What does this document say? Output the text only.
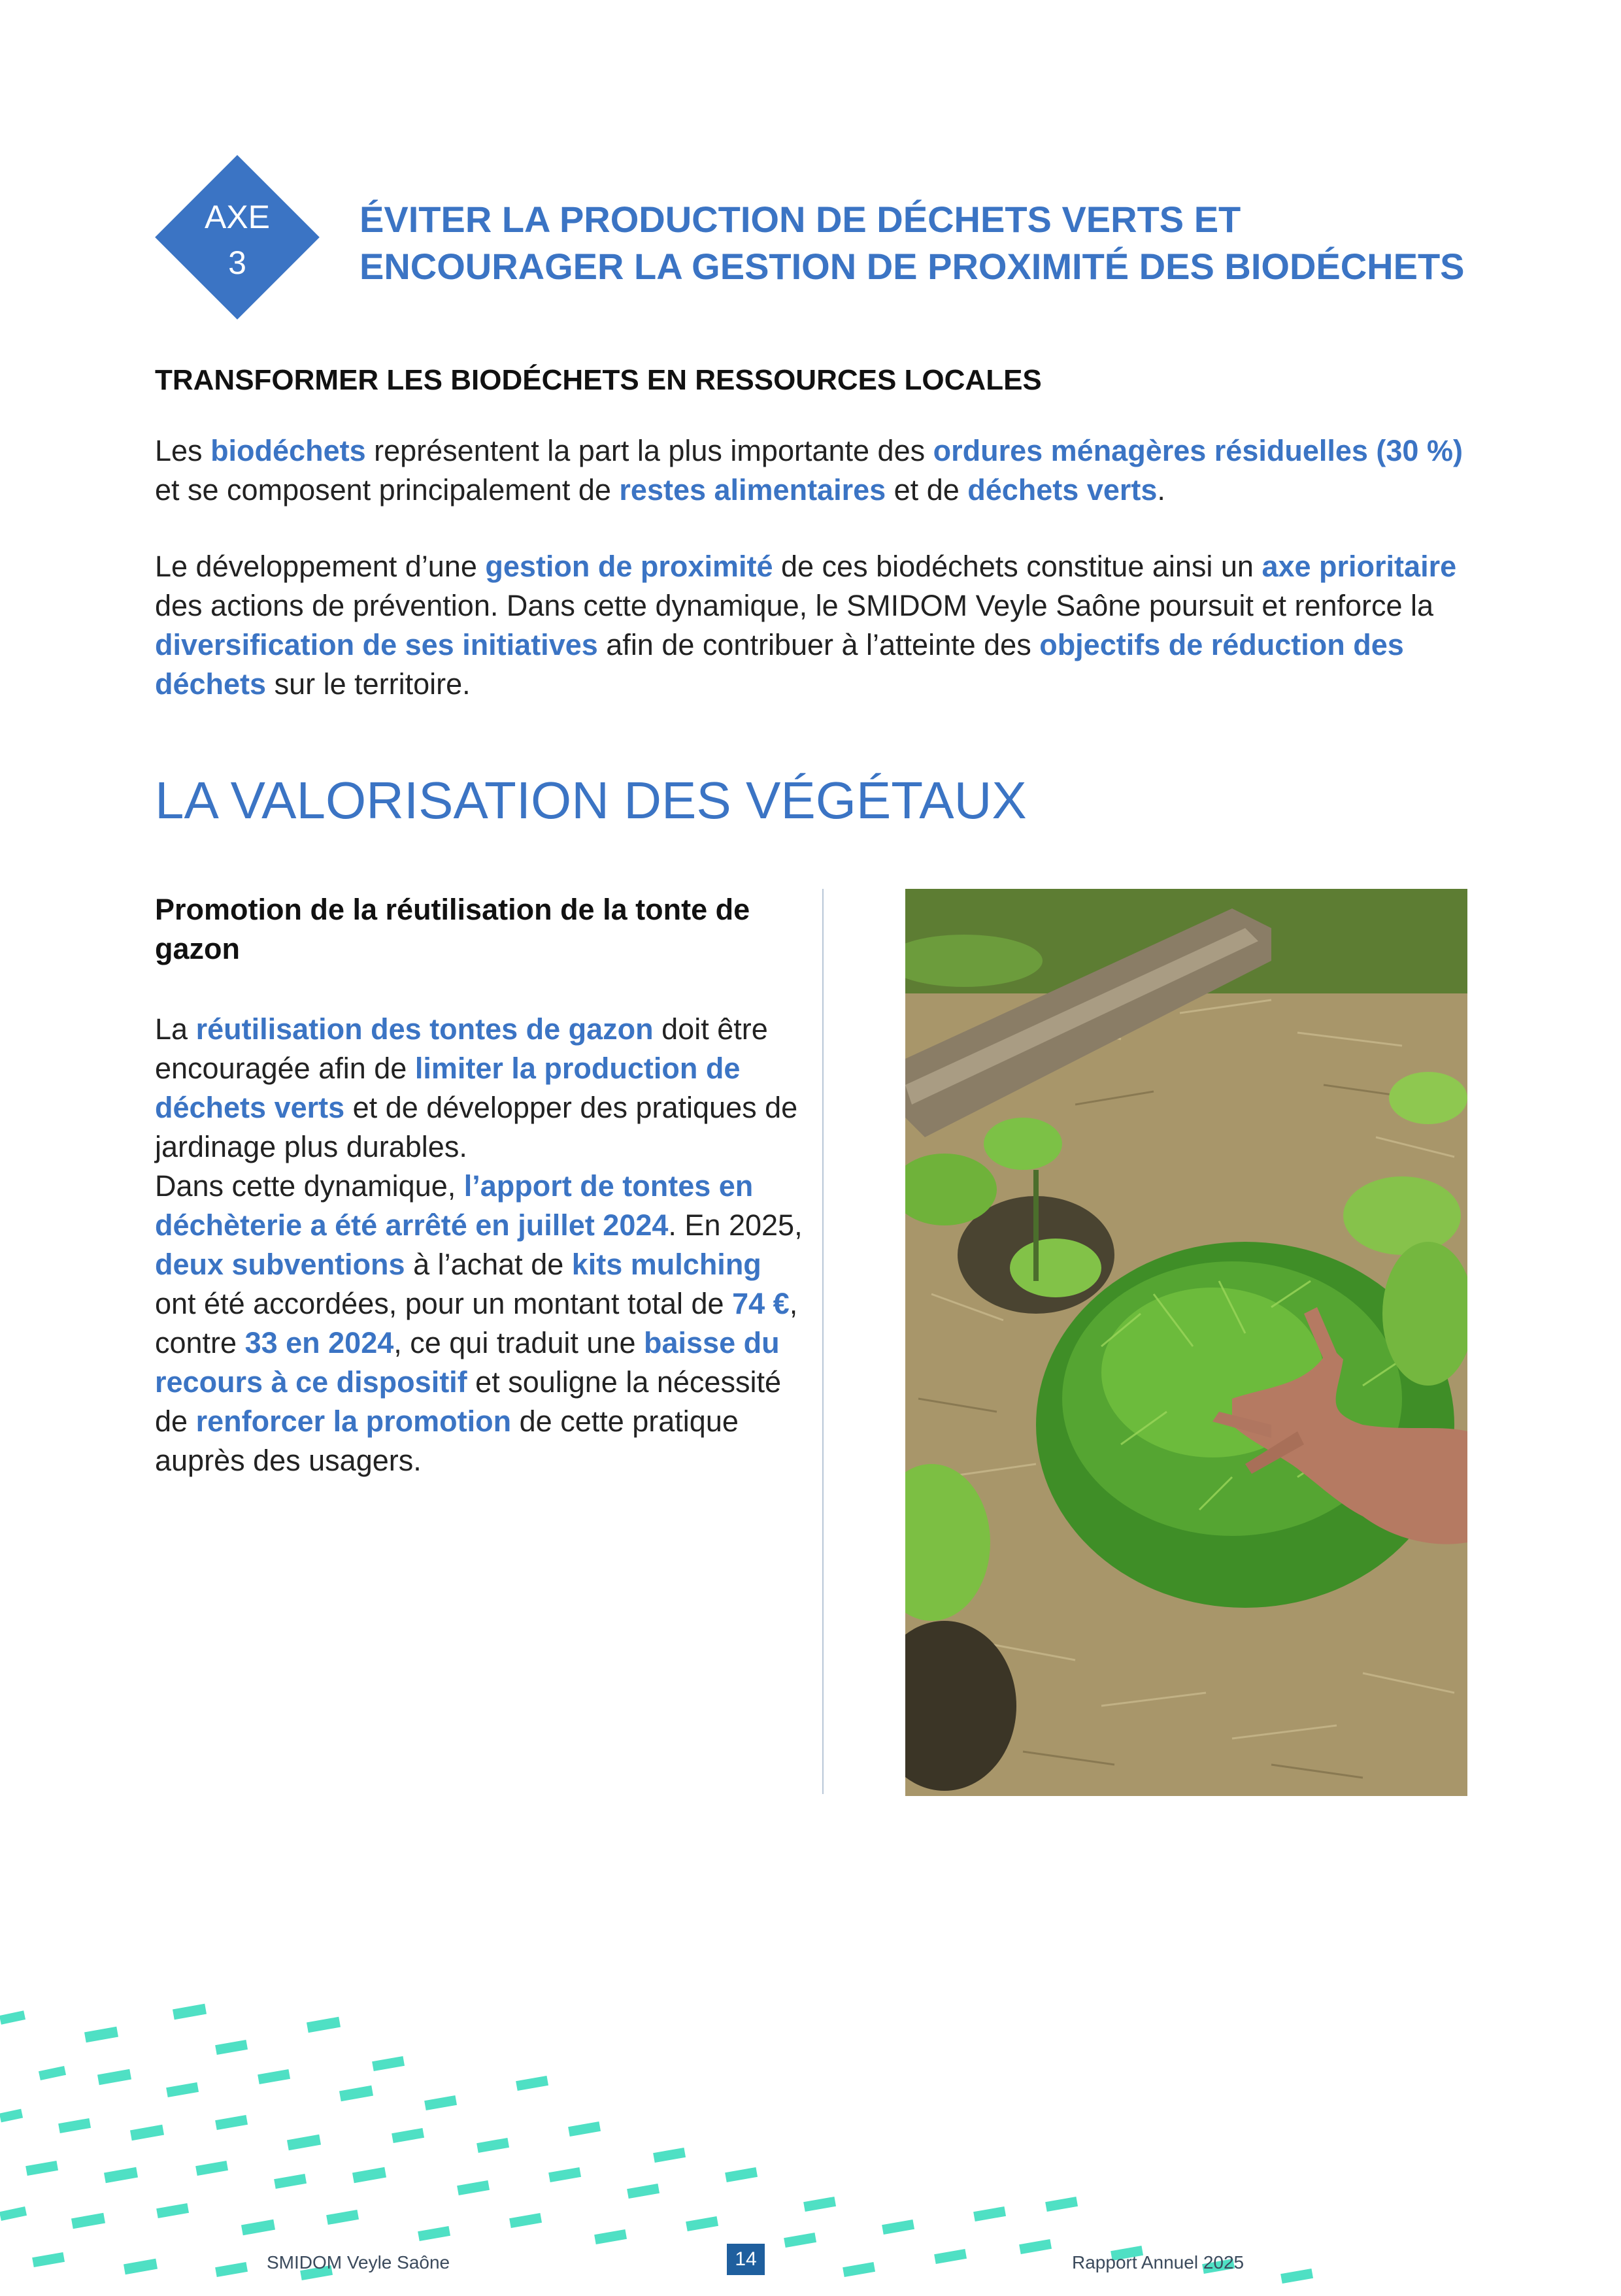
AXE
3
ÉVITER LA PRODUCTION DE DÉCHETS VERTS ET
ENCOURAGER LA GESTION DE PROXIMITÉ DES BIODÉCHETS
TRANSFORMER LES BIODÉCHETS EN RESSOURCES LOCALES
Les biodéchets représentent la part la plus importante des ordures ménagères résiduelles (30 %) et se composent principalement de restes alimentaires et de déchets verts.
Le développement d’une gestion de proximité de ces biodéchets constitue ainsi un axe prioritaire des actions de prévention. Dans cette dynamique, le SMIDOM Veyle Saône poursuit et renforce la diversification de ses initiatives afin de contribuer à l’atteinte des objectifs de réduction des déchets sur le territoire.
LA VALORISATION DES VÉGÉTAUX
Promotion de la réutilisation de la tonte de gazon
La réutilisation des tontes de gazon doit être encouragée afin de limiter la production de déchets verts et de développer des pratiques de jardinage plus durables.
Dans cette dynamique, l’apport de tontes en déchèterie a été arrêté en juillet 2024. En 2025, deux subventions à l’achat de kits mulching ont été accordées, pour un montant total de 74 €, contre 33 en 2024, ce qui traduit une baisse du recours à ce dispositif et souligne la nécessité de renforcer la promotion de cette pratique auprès des usagers.
SMIDOM Veyle Saône	14	Rapport Annuel 2025
